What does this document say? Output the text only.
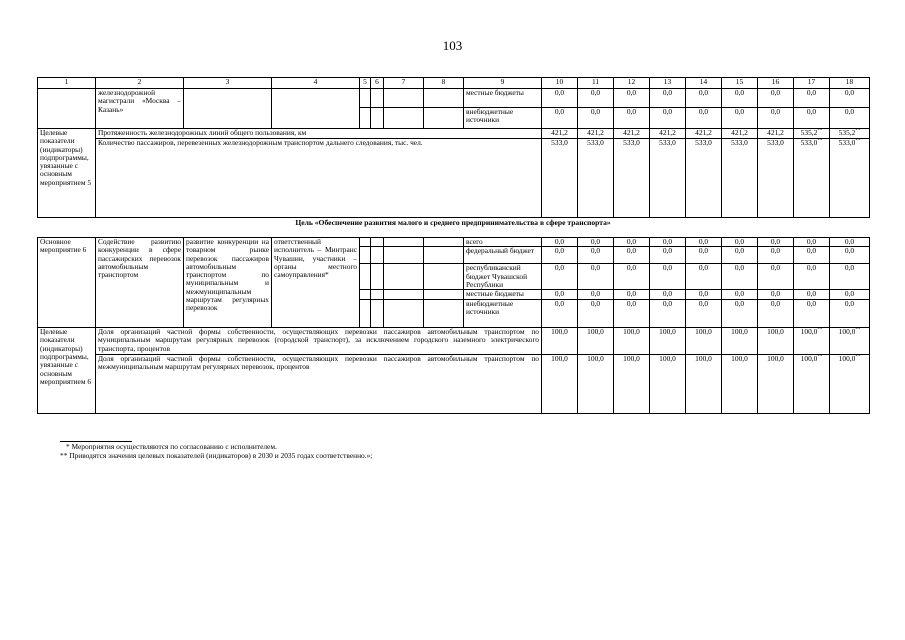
103
1	2	3	4	5	6	7	8	9	10	11	12	13	14	15	16	17	18
	железнодорожной магистрали «Москва – Казань»							местные бюджеты	0,0	0,0	0,0	0,0	0,0	0,0	0,0	0,0	0,0
								внебюджетные источники	0,0	0,0	0,0	0,0	0,0	0,0	0,0	0,0	0,0
Целевые показатели (индикаторы) подпрограммы, увязанные с основным мероприятием 5	Протяженность железнодорожных линий общего пользования, км								421,2	421,2	421,2	421,2	421,2	421,2	421,2	535,2**	535,2**
	Количество пассажиров, перевезенных железнодорожным транспортом дальнего следования, тыс. чел.								533,0	533,0	533,0	533,0	533,0	533,0	533,0	533,0**	533,0**
Цель «Обеспечение развития малого и среднего предпринимательства в сфере транспорта»
Основное мероприятие 6	Содействие развитию конкуренции в сфере пассажирских перевозок автомобильным транспортом	развитие конкуренции на товарном рынке перевозок пассажиров автомобильным транспортом по муниципальным и межмуниципальным маршрутам регулярных перевозок	ответственный исполнитель – Минтранс Чувашии, участники – органы местного самоуправления*					всего	0,0	0,0	0,0	0,0	0,0	0,0	0,0	0,0	0,0
								федеральный бюджет	0,0	0,0	0,0	0,0	0,0	0,0	0,0	0,0	0,0
								республиканский бюджет Чувашской Республики	0,0	0,0	0,0	0,0	0,0	0,0	0,0	0,0	0,0
								местные бюджеты	0,0	0,0	0,0	0,0	0,0	0,0	0,0	0,0	0,0
								внебюджетные источники	0,0	0,0	0,0	0,0	0,0	0,0	0,0	0,0	0,0
Целевые показатели (индикаторы) подпрограммы, увязанные с основным мероприятием 6	Доля организаций частной формы собственности, осуществляющих перевозки пассажиров автомобильным транспортом по муниципальным маршрутам регулярных перевозок (городской транспорт), за исключением городского наземного электрического транспорта, процентов								100,0	100,0	100,0	100,0	100,0	100,0	100,0	100,0**	100,0**
	Доля организаций частной формы собственности, осуществляющих перевозки пассажиров автомобильным транспортом по межмуниципальным маршрутам регулярных перевозок, процентов								100,0	100,0	100,0	100,0	100,0	100,0	100,0	100,0**	100,0**
* Мероприятия осуществляются по согласованию с исполнителем.
** Приводятся значения целевых показателей (индикаторов) в 2030 и 2035 годах соответственно.»;
